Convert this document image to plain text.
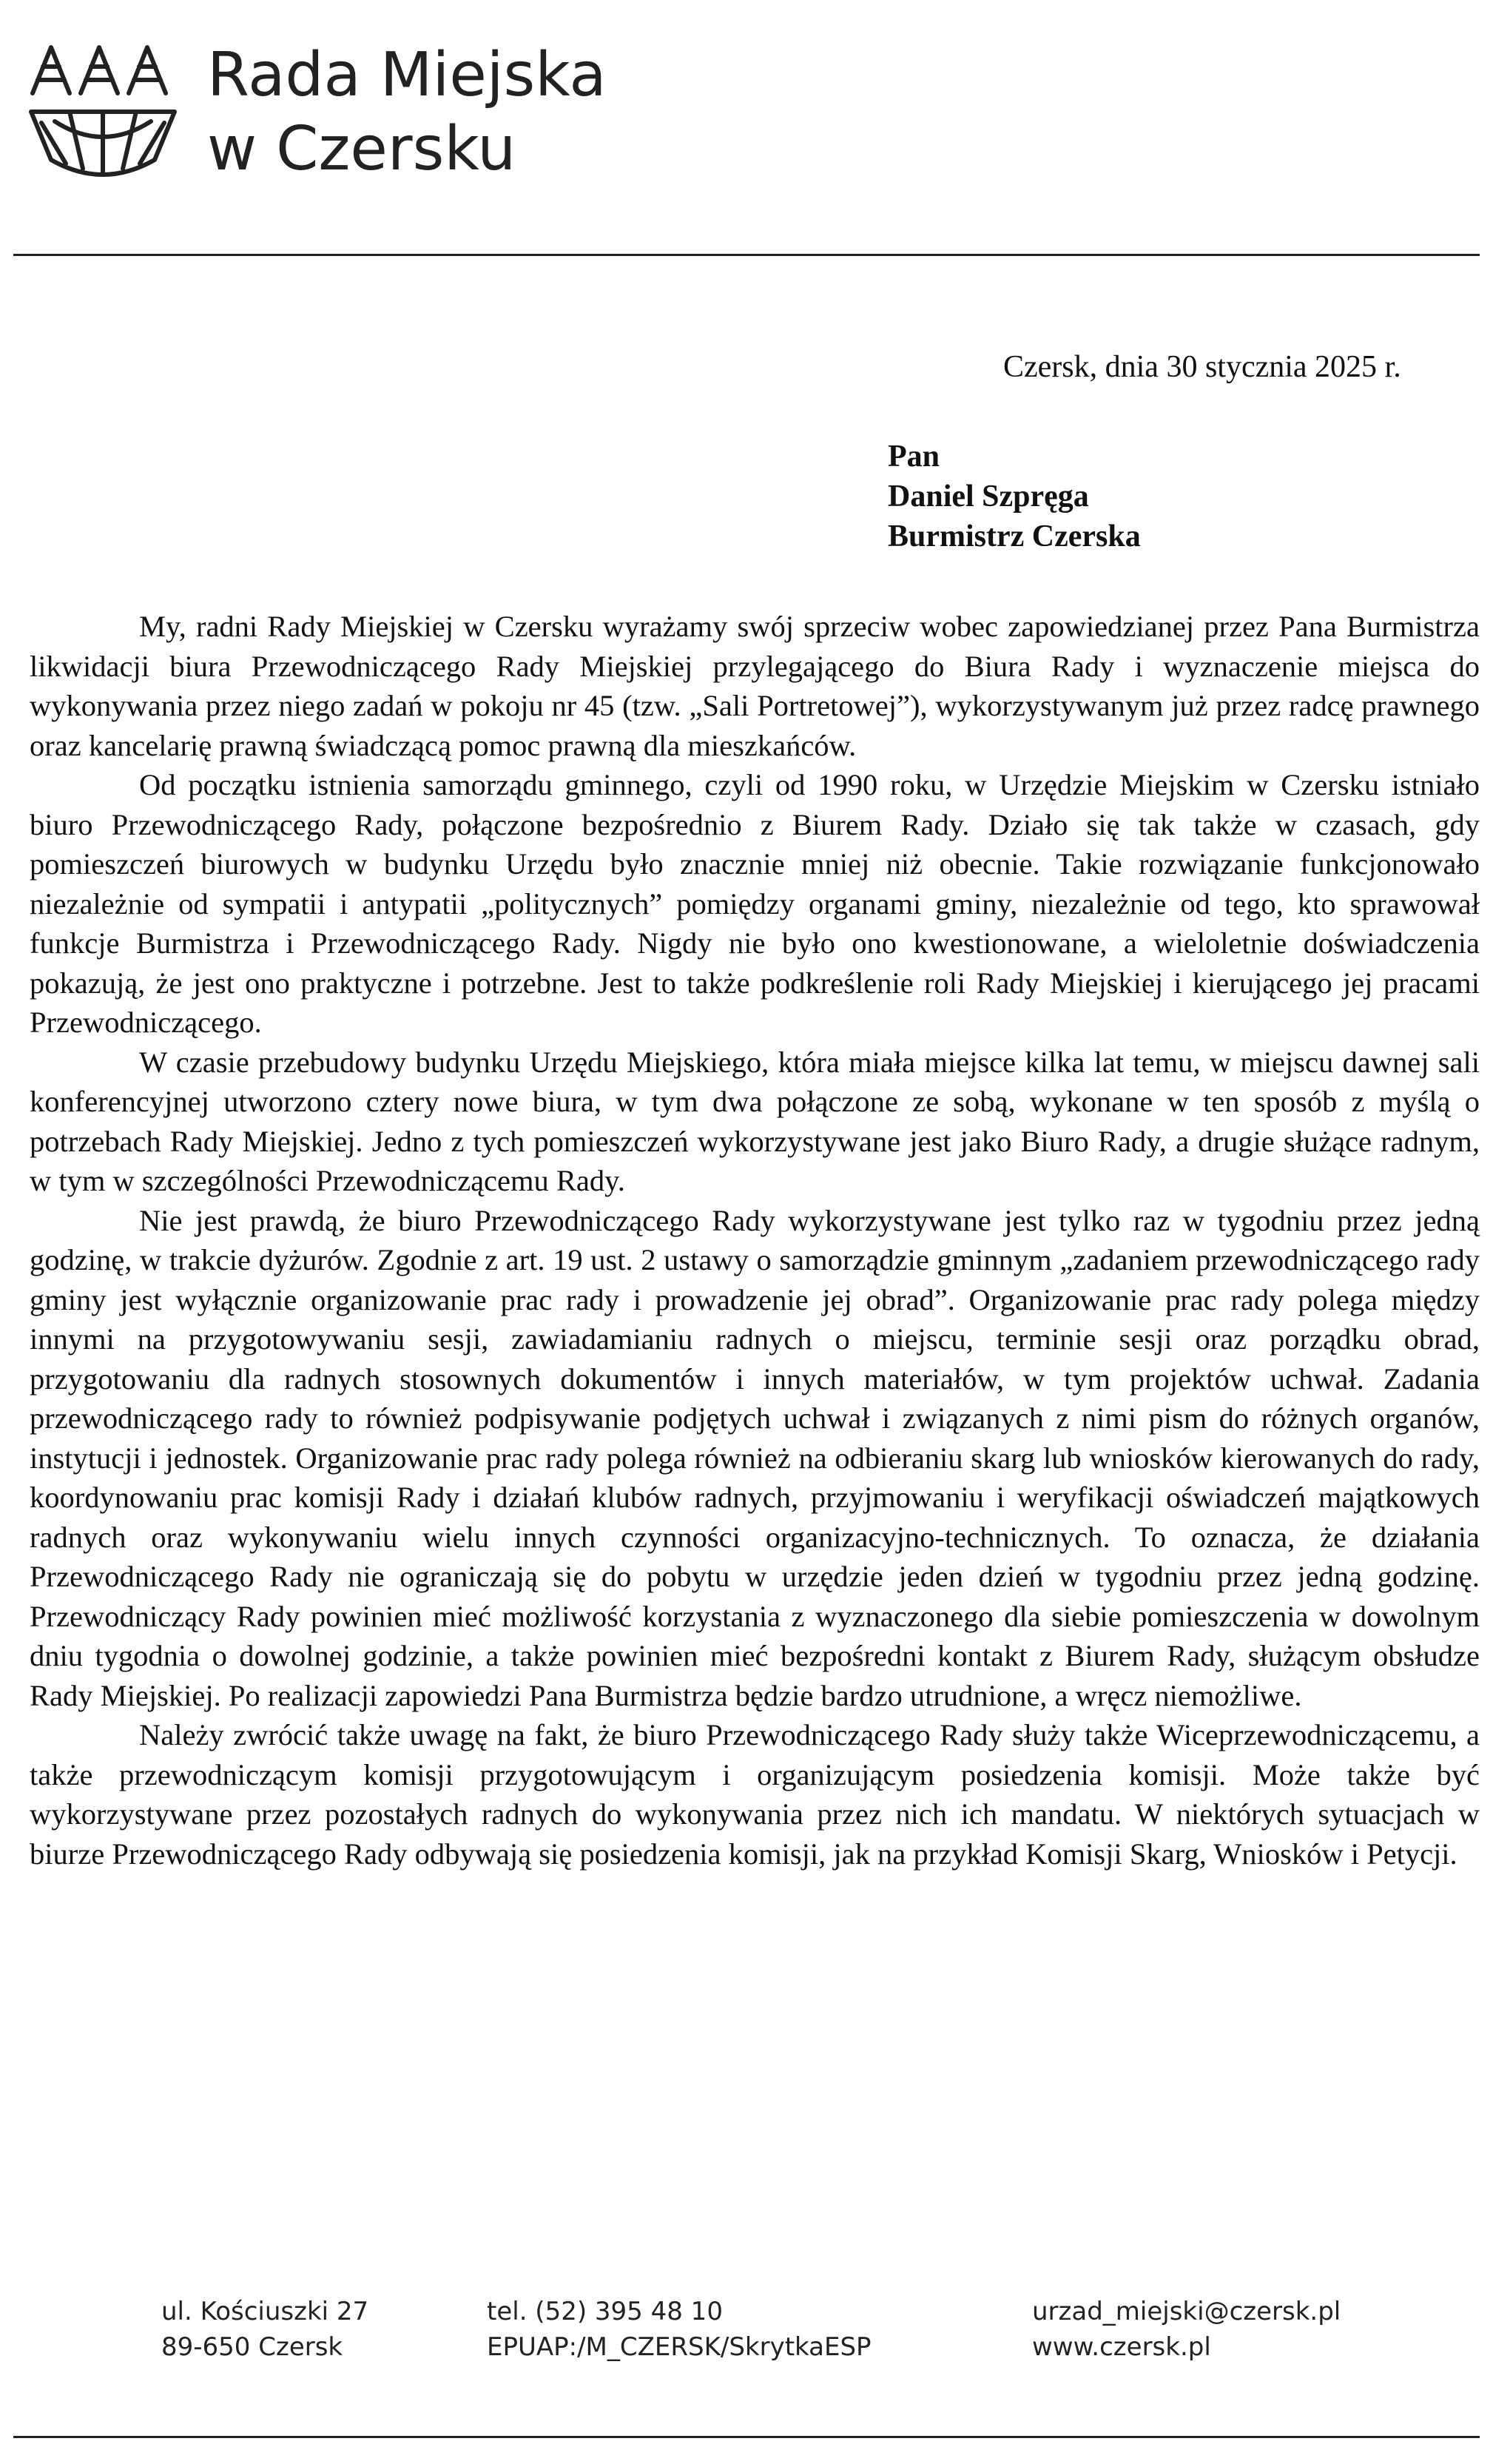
Rada Miejska
w Czersku
Czersk, dnia 30 stycznia 2025 r.
Pan
Daniel Szpręga
Burmistrz Czerska

My, radni Rady Miejskiej w Czersku wyrażamy swój sprzeciw wobec zapowiedzianej przez Pana Burmistrza likwidacji biura Przewodniczącego Rady Miejskiej przylegającego do Biura Rady i wyznaczenie miejsca do wykonywania przez niego zadań w pokoju nr 45 (tzw. „Sali Portretowej”), wykorzystywanym już przez radcę prawnego oraz kancelarię prawną świadczącą pomoc prawną dla mieszkańców.

Od początku istnienia samorządu gminnego, czyli od 1990 roku, w Urzędzie Miejskim w Czersku istniało biuro Przewodniczącego Rady, połączone bezpośrednio z Biurem Rady. Działo się tak także w czasach, gdy pomieszczeń biurowych w budynku Urzędu było znacznie mniej niż obecnie. Takie rozwiązanie funkcjonowało niezależnie od sympatii i antypatii „politycznych” pomiędzy organami gminy, niezależnie od tego, kto sprawował funkcje Burmistrza i Przewodniczącego Rady. Nigdy nie było ono kwestionowane, a wieloletnie doświadczenia pokazują, że jest ono praktyczne i potrzebne. Jest to także podkreślenie roli Rady Miejskiej i kierującego jej pracami Przewodniczącego.

W czasie przebudowy budynku Urzędu Miejskiego, która miała miejsce kilka lat temu, w miejscu dawnej sali konferencyjnej utworzono cztery nowe biura, w tym dwa połączone ze sobą, wykonane w ten sposób z myślą o potrzebach Rady Miejskiej. Jedno z tych pomieszczeń wykorzystywane jest jako Biuro Rady, a drugie służące radnym, w tym w szczególności Przewodniczącemu Rady.

Nie jest prawdą, że biuro Przewodniczącego Rady wykorzystywane jest tylko raz w tygodniu przez jedną godzinę, w trakcie dyżurów. Zgodnie z art. 19 ust. 2 ustawy o samorządzie gminnym „zadaniem przewodniczącego rady gminy jest wyłącznie organizowanie prac rady i prowadzenie jej obrad”. Organizowanie prac rady polega między innymi na przygotowywaniu sesji, zawiadamianiu radnych o miejscu, terminie sesji oraz porządku obrad, przygotowaniu dla radnych stosownych dokumentów i innych materiałów, w tym projektów uchwał. Zadania przewodniczącego rady to również podpisywanie podjętych uchwał i związanych z nimi pism do różnych organów, instytucji i jednostek. Organizowanie prac rady polega również na odbieraniu skarg lub wniosków kierowanych do rady, koordynowaniu prac komisji Rady i działań klubów radnych, przyjmowaniu i weryfikacji oświadczeń majątkowych radnych oraz wykonywaniu wielu innych czynności organizacyjno-technicznych. To oznacza, że działania Przewodniczącego Rady nie ograniczają się do pobytu w urzędzie jeden dzień w tygodniu przez jedną godzinę. Przewodniczący Rady powinien mieć możliwość korzystania z wyznaczonego dla siebie pomieszczenia w dowolnym dniu tygodnia o dowolnej godzinie, a także powinien mieć bezpośredni kontakt z Biurem Rady, służącym obsłudze Rady Miejskiej. Po realizacji zapowiedzi Pana Burmistrza będzie bardzo utrudnione, a wręcz niemożliwe.

Należy zwrócić także uwagę na fakt, że biuro Przewodniczącego Rady służy także Wiceprzewodniczącemu, a także przewodniczącym komisji przygotowującym i organizującym posiedzenia komisji. Może także być wykorzystywane przez pozostałych radnych do wykonywania przez nich ich mandatu. W niektórych sytuacjach w biurze Przewodniczącego Rady odbywają się posiedzenia komisji, jak na przykład Komisji Skarg, Wniosków i Petycji.

ul. Kościuszki 27
89-650 Czersk
tel. (52) 395 48 10
EPUAP:/M_CZERSK/SkrytkaESP
urzad_miejski@czersk.pl
www.czersk.pl
